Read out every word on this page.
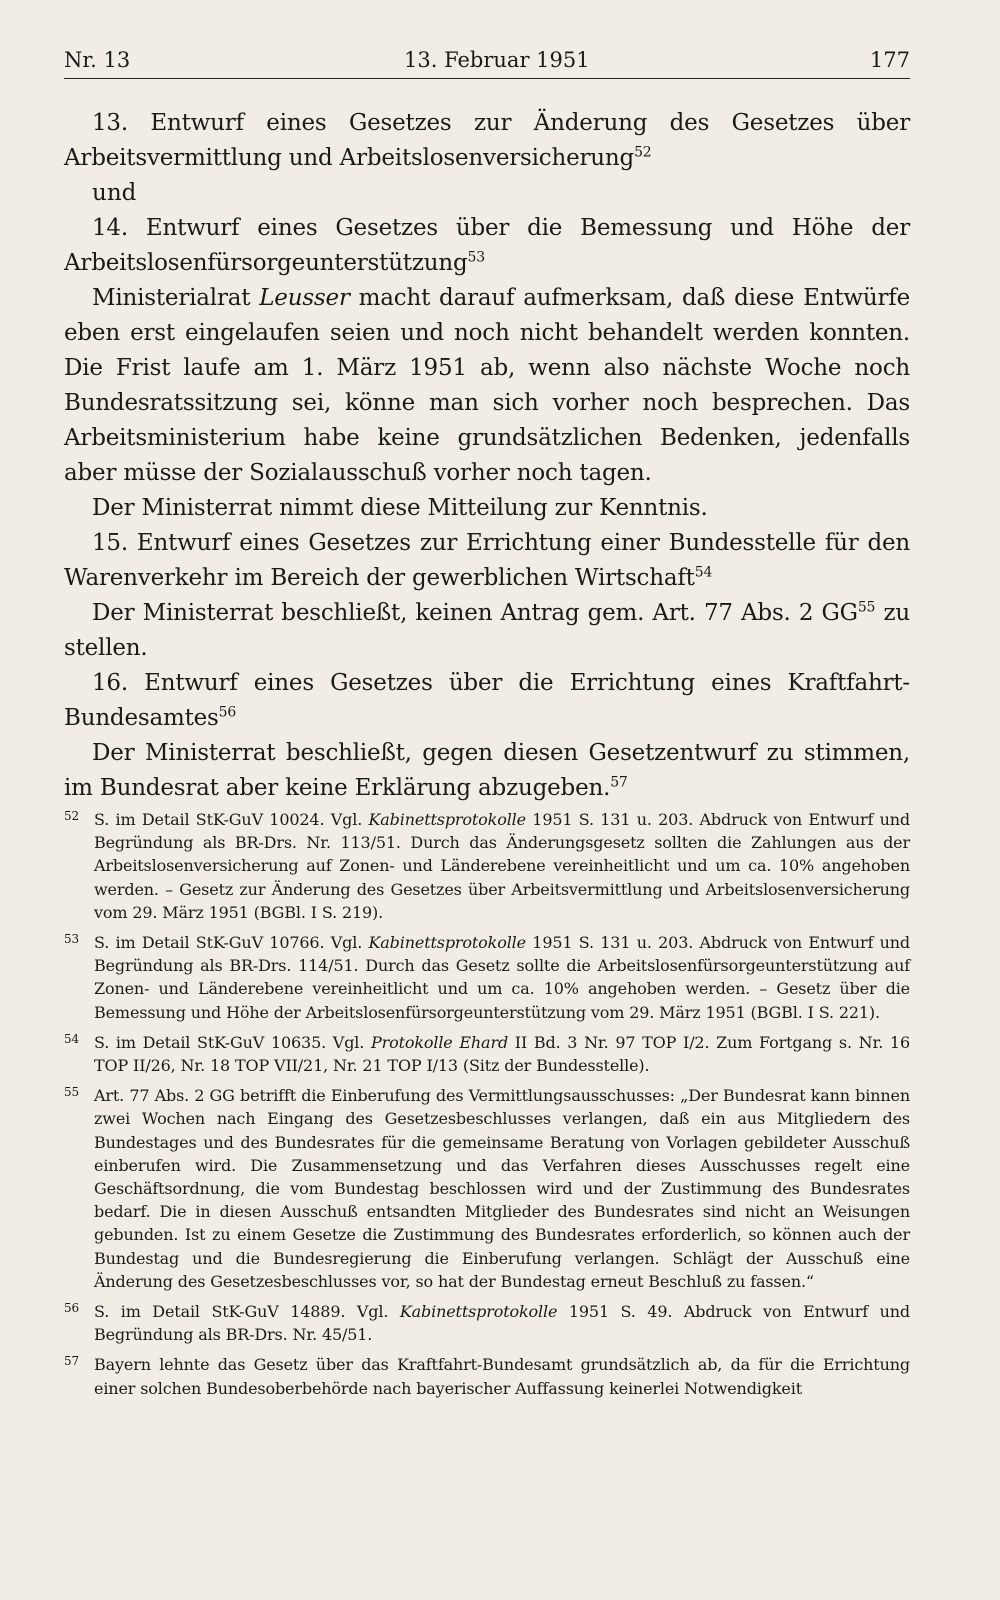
Nr. 13	13. Februar 1951	177

13. Entwurf eines Gesetzes zur Änderung des Gesetzes über Arbeitsvermittlung und Arbeitslosenversicherung$^{52}$

und

14. Entwurf eines Gesetzes über die Bemessung und Höhe der Arbeitslosenfürsorgeunterstützung$^{53}$

Ministerialrat Leusser macht darauf aufmerksam, daß diese Entwürfe eben erst eingelaufen seien und noch nicht behandelt werden konnten. Die Frist laufe am 1. März 1951 ab, wenn also nächste Woche noch Bundesratssitzung sei, könne man sich vorher noch besprechen. Das Arbeitsministerium habe keine grundsätzlichen Bedenken, jedenfalls aber müsse der Sozialausschuß vorher noch tagen.

Der Ministerrat nimmt diese Mitteilung zur Kenntnis.

15. Entwurf eines Gesetzes zur Errichtung einer Bundesstelle für den Warenverkehr im Bereich der gewerblichen Wirtschaft$^{54}$

Der Ministerrat beschließt, keinen Antrag gem. Art. 77 Abs. 2 GG$^{55}$ zu stellen.

16. Entwurf eines Gesetzes über die Errichtung eines Kraftfahrt-Bundesamtes$^{56}$

Der Ministerrat beschließt, gegen diesen Gesetzentwurf zu stimmen, im Bundesrat aber keine Erklärung abzugeben.$^{57}$

52 S. im Detail StK-GuV 10024. Vgl. Kabinettsprotokolle 1951 S. 131 u. 203. Abdruck von Entwurf und Begründung als BR-Drs. Nr. 113/51. Durch das Änderungsgesetz sollten die Zahlungen aus der Arbeitslosenversicherung auf Zonen- und Länderebene vereinheitlicht und um ca. 10% angehoben werden. – Gesetz zur Änderung des Gesetzes über Arbeitsvermittlung und Arbeitslosenversicherung vom 29. März 1951 (BGBl. I S. 219).

53 S. im Detail StK-GuV 10766. Vgl. Kabinettsprotokolle 1951 S. 131 u. 203. Abdruck von Entwurf und Begründung als BR-Drs. 114/51. Durch das Gesetz sollte die Arbeitslosenfürsorgeunterstützung auf Zonen- und Länderebene vereinheitlicht und um ca. 10% angehoben werden. – Gesetz über die Bemessung und Höhe der Arbeitslosenfürsorgeunterstützung vom 29. März 1951 (BGBl. I S. 221).

54 S. im Detail StK-GuV 10635. Vgl. Protokolle Ehard II Bd. 3 Nr. 97 TOP I/2. Zum Fortgang s. Nr. 16 TOP II/26, Nr. 18 TOP VII/21, Nr. 21 TOP I/13 (Sitz der Bundesstelle).

55 Art. 77 Abs. 2 GG betrifft die Einberufung des Vermittlungsausschusses: „Der Bundesrat kann binnen zwei Wochen nach Eingang des Gesetzesbeschlusses verlangen, daß ein aus Mitgliedern des Bundestages und des Bundesrates für die gemeinsame Beratung von Vorlagen gebildeter Ausschuß einberufen wird. Die Zusammensetzung und das Verfahren dieses Ausschusses regelt eine Geschäftsordnung, die vom Bundestag beschlossen wird und der Zustimmung des Bundesrates bedarf. Die in diesen Ausschuß entsandten Mitglieder des Bundesrates sind nicht an Weisungen gebunden. Ist zu einem Gesetze die Zustimmung des Bundesrates erforderlich, so können auch der Bundestag und die Bundesregierung die Einberufung verlangen. Schlägt der Ausschuß eine Änderung des Gesetzesbeschlusses vor, so hat der Bundestag erneut Beschluß zu fassen.“

56 S. im Detail StK-GuV 14889. Vgl. Kabinettsprotokolle 1951 S. 49. Abdruck von Entwurf und Begründung als BR-Drs. Nr. 45/51.

57 Bayern lehnte das Gesetz über das Kraftfahrt-Bundesamt grundsätzlich ab, da für die Errichtung einer solchen Bundesoberbehörde nach bayerischer Auffassung keinerlei Notwendigkeit
